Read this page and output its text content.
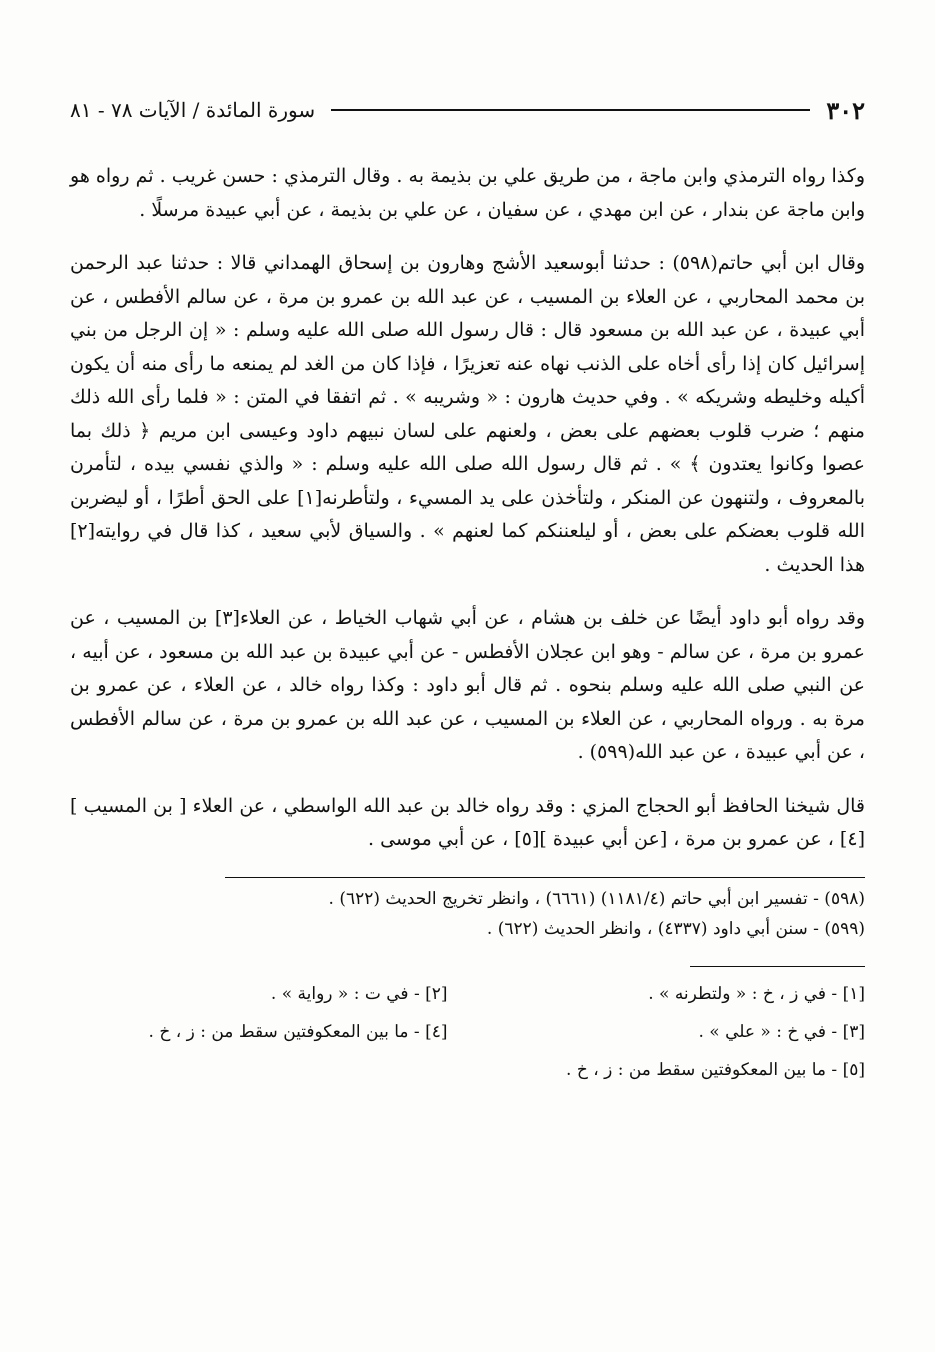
٣٠٢
سورة المائدة / الآيات ٧٨ - ٨١

وكذا رواه الترمذي وابن ماجة ، من طريق علي بن بذيمة به . وقال الترمذي : حسن غريب . ثم رواه هو وابن ماجة عن بندار ، عن ابن مهدي ، عن سفيان ، عن علي بن بذيمة ، عن أبي عبيدة مرسلًا .

وقال ابن أبي حاتم(٥٩٨) : حدثنا أبوسعيد الأشج وهارون بن إسحاق الهمداني قالا : حدثنا عبد الرحمن بن محمد المحاربي ، عن العلاء بن المسيب ، عن عبد الله بن عمرو بن مرة ، عن سالم الأفطس ، عن أبي عبيدة ، عن عبد الله بن مسعود قال : قال رسول الله صلى الله عليه وسلم : « إن الرجل من بني إسرائيل كان إذا رأى أخاه على الذنب نهاه عنه تعزيرًا ، فإذا كان من الغد لم يمنعه ما رأى منه أن يكون أكيله وخليطه وشريكه » . وفي حديث هارون : « وشريبه » . ثم اتفقا في المتن : « فلما رأى الله ذلك منهم ؛ ضرب قلوب بعضهم على بعض ، ولعنهم على لسان نبيهم داود وعيسى ابن مريم ﴿ ذلك بما عصوا وكانوا يعتدون ﴾ » . ثم قال رسول الله صلى الله عليه وسلم : « والذي نفسي بيده ، لتأمرن بالمعروف ، ولتنهون عن المنكر ، ولتأخذن على يد المسيء ، ولتأطرنه[١] على الحق أطرًا ، أو ليضربن الله قلوب بعضكم على بعض ، أو ليلعننكم كما لعنهم » . والسياق لأبي سعيد ، كذا قال في روايته[٢] هذا الحديث .

وقد رواه أبو داود أيضًا عن خلف بن هشام ، عن أبي شهاب الخياط ، عن العلاء[٣] بن المسيب ، عن عمرو بن مرة ، عن سالم - وهو ابن عجلان الأفطس - عن أبي عبيدة بن عبد الله بن مسعود ، عن أبيه ، عن النبي صلى الله عليه وسلم بنحوه . ثم قال أبو داود : وكذا رواه خالد ، عن العلاء ، عن عمرو بن مرة به . ورواه المحاربي ، عن العلاء بن المسيب ، عن عبد الله بن عمرو بن مرة ، عن سالم الأفطس ، عن أبي عبيدة ، عن عبد الله(٥٩٩) .

قال شيخنا الحافظ أبو الحجاج المزي : وقد رواه خالد بن عبد الله الواسطي ، عن العلاء [ بن المسيب ][٤] ، عن عمرو بن مرة ، [عن أبي عبيدة ][٥] ، عن أبي موسى .

(٥٩٨) - تفسير ابن أبي حاتم (١١٨١/٤) (٦٦٦١) ، وانظر تخريج الحديث (٦٢٢) .
(٥٩٩) - سنن أبي داود (٤٣٣٧) ، وانظر الحديث (٦٢٢) .
[١] - في ز ، خ : « ولتطرنه » .
[٢] - في ت : « رواية » .
[٣] - في خ : « علي » .
[٤] - ما بين المعكوفتين سقط من : ز ، خ .
[٥] - ما بين المعكوفتين سقط من : ز ، خ .
